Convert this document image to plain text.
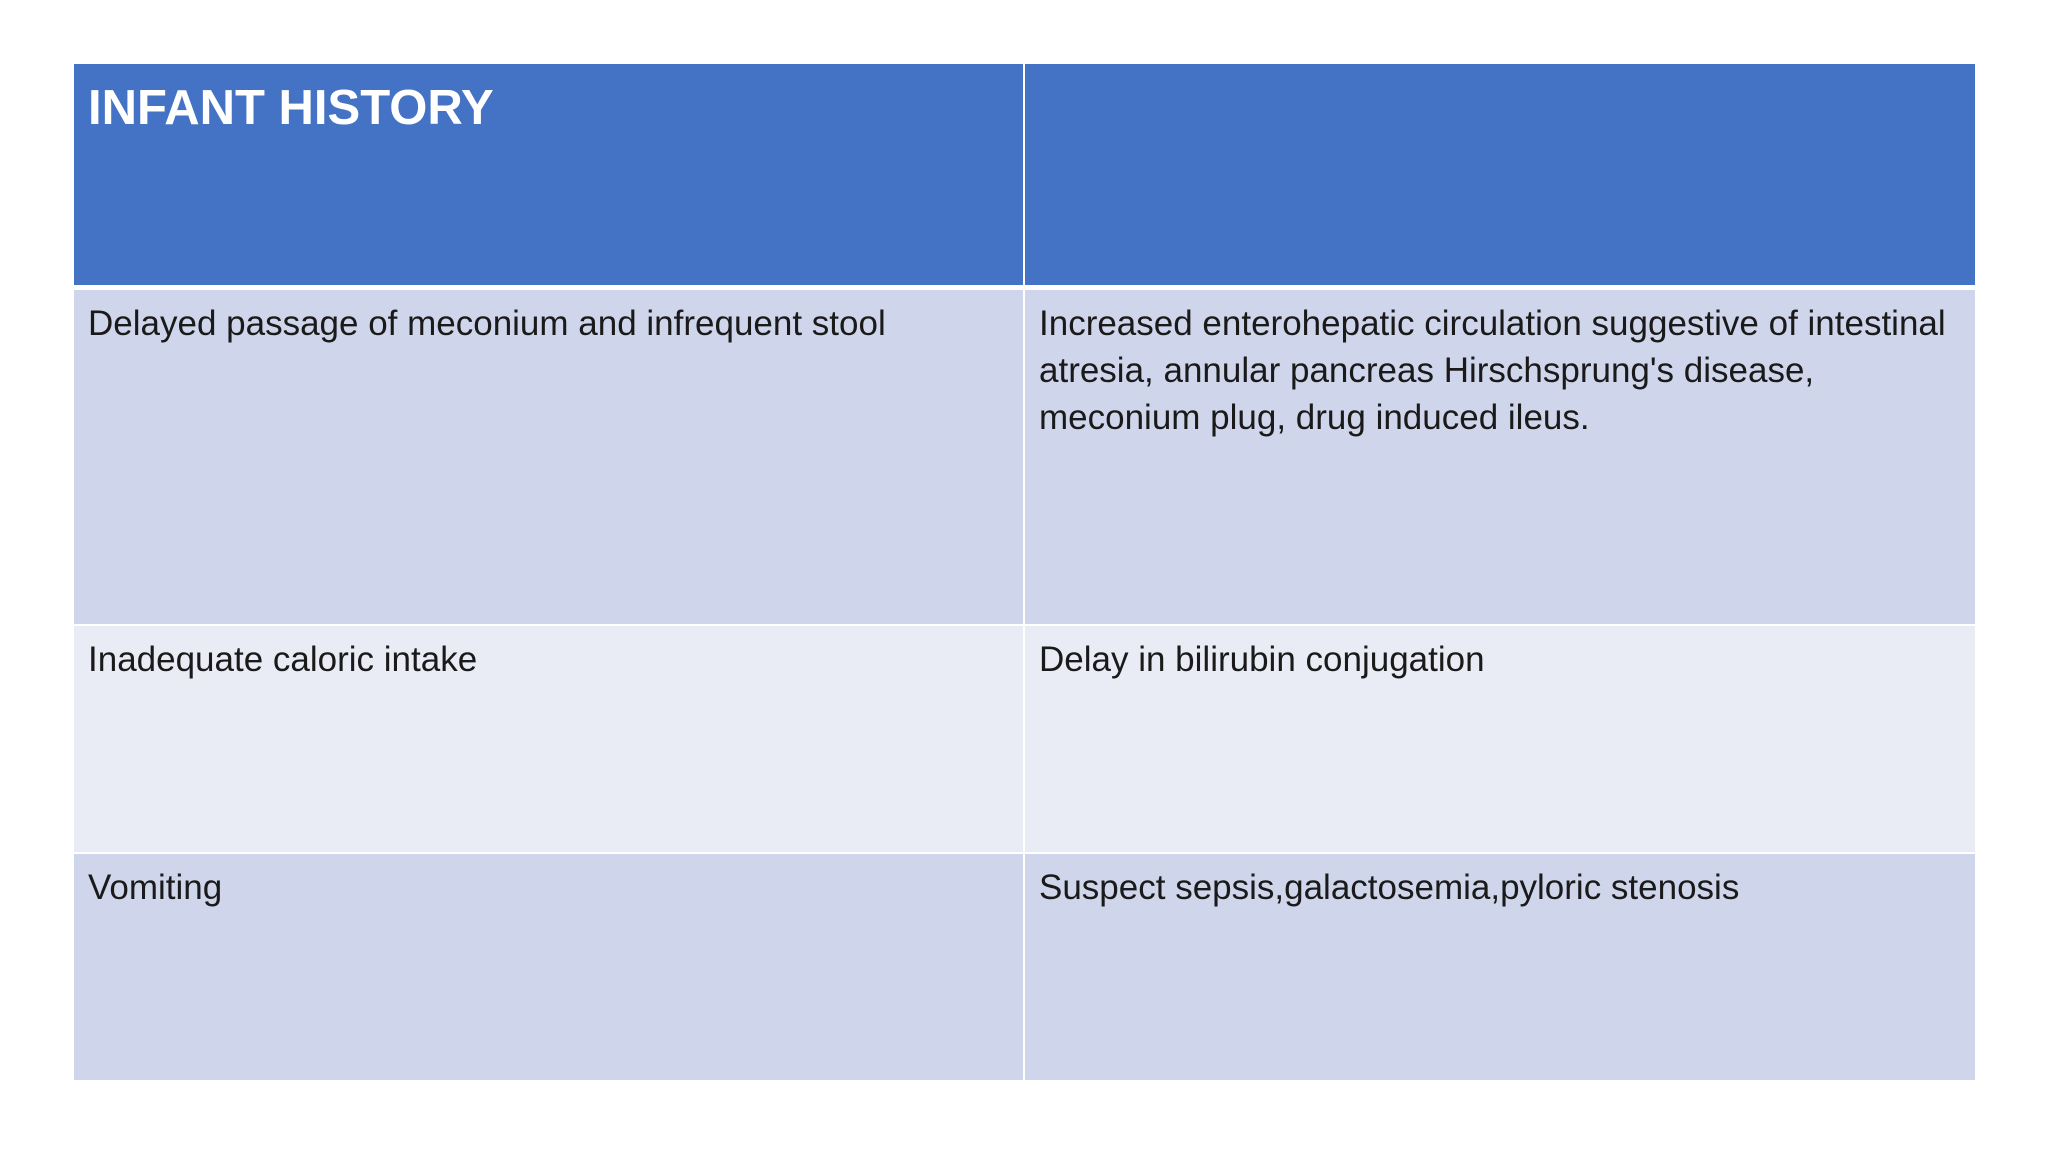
INFANT HISTORY	
Delayed passage of meconium and infrequent stool	Increased enterohepatic circulation suggestive of intestinal atresia, annular pancreas Hirschsprung's disease, meconium plug, drug induced ileus.
Inadequate caloric intake	Delay in bilirubin conjugation
Vomiting	Suspect sepsis,galactosemia,pyloric stenosis
